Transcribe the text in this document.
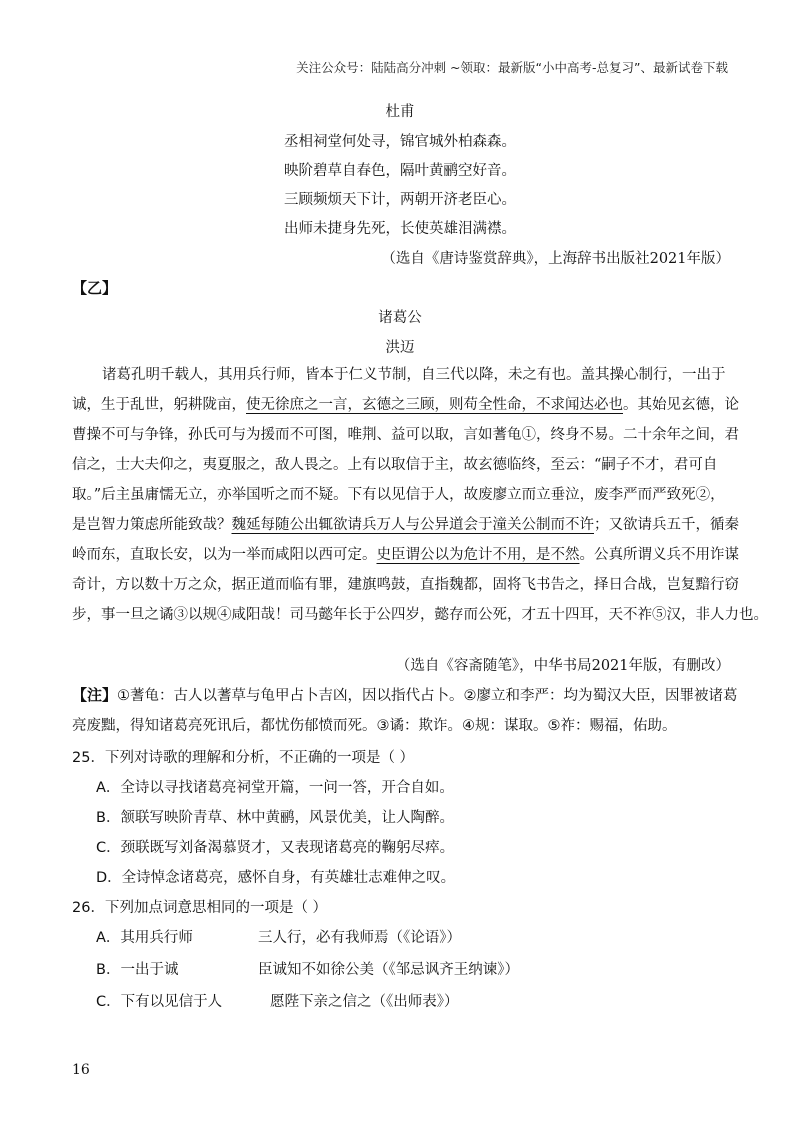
关注公众号：陆陆高分冲刺 ~领取：最新版“小中高考-总复习”、最新试卷下载
杜甫
丞相祠堂何处寻，锦官城外柏森森。
映阶碧草自春色，隔叶黄鹂空好音。
三顾频烦天下计，两朝开济老臣心。
出师未捷身先死，长使英雄泪满襟。
（选自《唐诗鉴赏辞典》，上海辞书出版社2021年版）
【乙】
诸葛公
洪迈
诸葛孔明千载人，其用兵行师，皆本于仁义节制，自三代以降，未之有也。盖其操心制行，一出于
诚，生于乱世，躬耕陇亩，使无徐庶之一言，玄德之三顾，则苟全性命，不求闻达必也。其始见玄德，论
曹操不可与争锋，孙氏可与为援而不可图，唯荆、益可以取，言如蓍龟①，终身不易。二十余年之间，君
信之，士大夫仰之，夷夏服之，敌人畏之。上有以取信于主，故玄德临终，至云：“嗣子不才，君可自
取。”后主虽庸懦无立，亦举国听之而不疑。下有以见信于人，故废廖立而立垂泣，废李严而严致死②，
是岂智力策虑所能致哉？魏延每随公出辄欲请兵万人与公异道会于潼关公制而不许；又欲请兵五千，循秦
岭而东，直取长安，以为一举而咸阳以西可定。史臣谓公以为危计不用，是不然。公真所谓义兵不用诈谋
奇计，方以数十万之众，据正道而临有罪，建旗鸣鼓，直指魏都，固将飞书告之，择日合战，岂复黯行窃
步，事一旦之谲③以规④咸阳哉！司马懿年长于公四岁，懿存而公死，才五十四耳，天不祚⑤汉，非人力也。
（选自《容斋随笔》，中华书局2021年版，有删改）
【注】①蓍龟：古人以蓍草与龟甲占卜吉凶，因以指代占卜。②廖立和李严：均为蜀汉大臣，因罪被诸葛
亮废黜，得知诸葛亮死讯后，都忧伤郁愤而死。③谲：欺诈。④规：谋取。⑤祚：赐福，佑助。
25．下列对诗歌的理解和分析，不正确的一项是（ ）
A．全诗以寻找诸葛亮祠堂开篇，一问一答，开合自如。
B．颔联写映阶青草、林中黄鹂，风景优美，让人陶醉。
C．颈联既写刘备渴慕贤才，又表现诸葛亮的鞠躬尽瘁。
D．全诗悼念诸葛亮，感怀自身，有英雄壮志难伸之叹。
26．下列加点词意思相同的一项是（ ）
A．其用兵行师	三人行，必有我师焉（《论语》）
B．一出于诚	臣诚知不如徐公美（《邹忌讽齐王纳谏》）
C．下有以见信于人	愿陛下亲之信之（《出师表》）
16
